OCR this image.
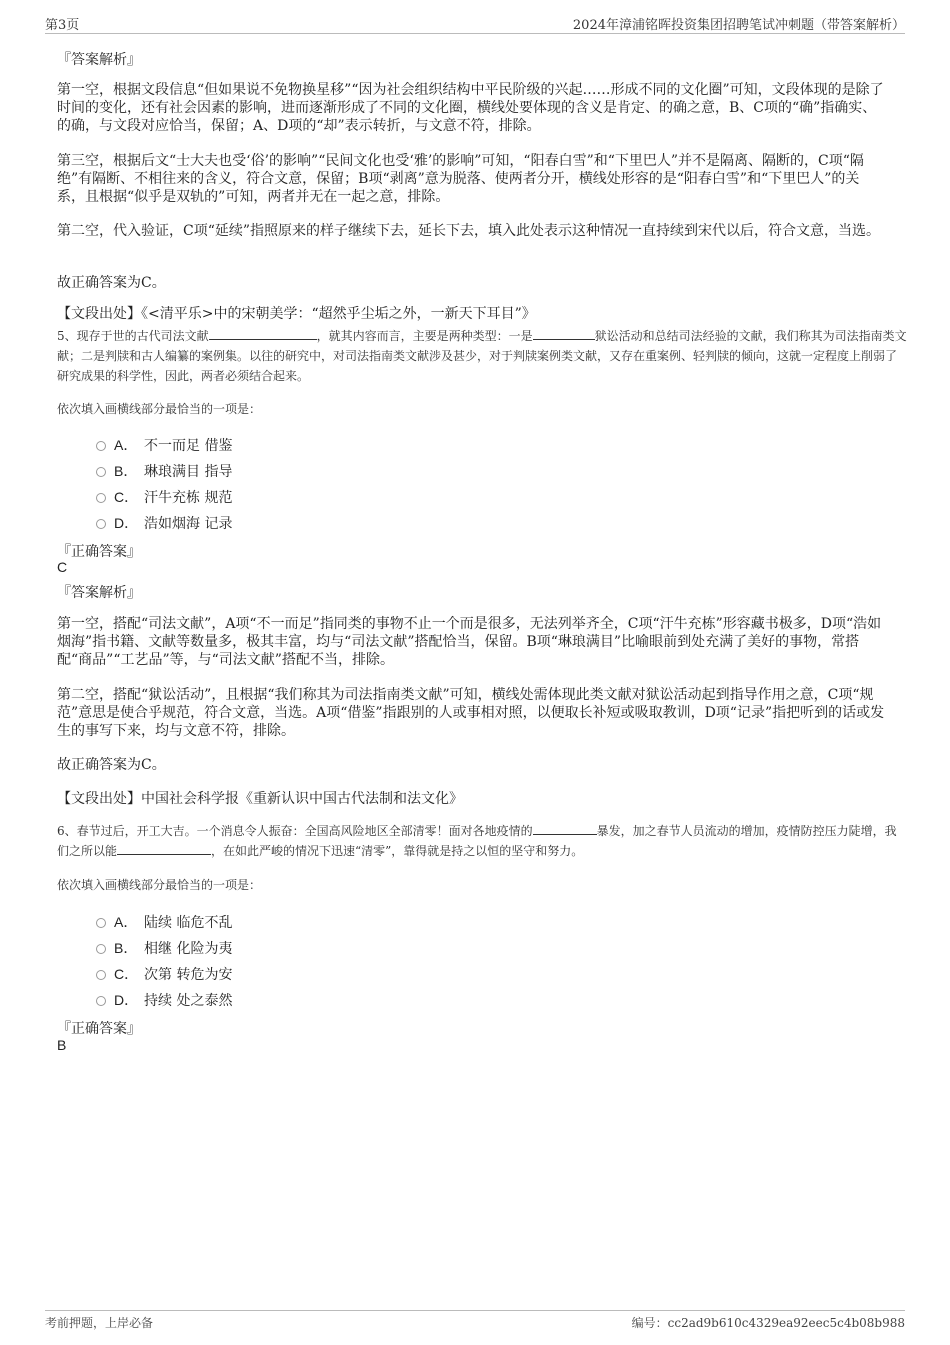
第3页	2024年漳浦铭晖投资集团招聘笔试冲刺题（带答案解析）
『答案解析』

第一空，根据文段信息“但如果说不免物换星移”“因为社会组织结构中平民阶级的兴起……形成不同的文化圈”可知，文段体现的是除了时间的变化，还有社会因素的影响，进而逐渐形成了不同的文化圈，横线处要体现的含义是肯定、的确之意，B、C项的“确”指确实、的确，与文段对应恰当，保留；A、D项的“却”表示转折，与文意不符，排除。

第三空，根据后文“士大夫也受‘俗’的影响”“民间文化也受‘雅’的影响”可知，“阳春白雪”和“下里巴人”并不是隔离、隔断的，C项“隔绝”有隔断、不相往来的含义，符合文意，保留；B项“剥离”意为脱落、使两者分开，横线处形容的是“阳春白雪”和“下里巴人”的关系，且根据“似乎是双轨的”可知，两者并无在一起之意，排除。

第二空，代入验证，C项“延续”指照原来的样子继续下去，延长下去，填入此处表示这种情况一直持续到宋代以后，符合文意，当选。

故正确答案为C。
【文段出处】《<清平乐>中的宋朝美学：“超然乎尘垢之外，一新天下耳目”》

5、现存于世的古代司法文献	，就其内容而言，主要是两种类型：一是	狱讼活动和总结司法经验的文献，我们称其为司法指南类文献；二是判牍和古人编纂的案例集。以往的研究中，对司法指南类文献涉及甚少，对于判牍案例类文献，又存在重案例、轻判牍的倾向，这就一定程度上削弱了研究成果的科学性，因此，两者必须结合起来。

依次填入画横线部分最恰当的一项是：
A． 不一而足 借鉴
B． 琳琅满目 指导
C． 汗牛充栋 规范
D． 浩如烟海 记录
『正确答案』
C
『答案解析』

第一空，搭配“司法文献”，A项“不一而足”指同类的事物不止一个而是很多，无法列举齐全，C项“汗牛充栋”形容藏书极多，D项“浩如烟海”指书籍、文献等数量多，极其丰富，均与“司法文献”搭配恰当，保留。B项“琳琅满目”比喻眼前到处充满了美好的事物，常搭配“商品”“工艺品”等，与“司法文献”搭配不当，排除。

第二空，搭配“狱讼活动”，且根据“我们称其为司法指南类文献”可知，横线处需体现此类文献对狱讼活动起到指导作用之意，C项“规范”意思是使合乎规范，符合文意，当选。A项“借鉴”指跟别的人或事相对照，以便取长补短或吸取教训，D项“记录”指把听到的话或发生的事写下来，均与文意不符，排除。

故正确答案为C。
【文段出处】中国社会科学报《重新认识中国古代法制和法文化》

6、春节过后，开工大吉。一个消息令人振奋：全国高风险地区全部清零！面对各地疫情的	暴发，加之春节人员流动的增加，疫情防控压力陡增，我们之所以能	，在如此严峻的情况下迅速“清零”，靠得就是持之以恒的坚守和努力。

依次填入画横线部分最恰当的一项是：
A． 陆续 临危不乱
B． 相继 化险为夷
C． 次第 转危为安
D． 持续 处之泰然
『正确答案』
B
考前押题，上岸必备	编号：cc2ad9b610c4329ea92eec5c4b08b988
